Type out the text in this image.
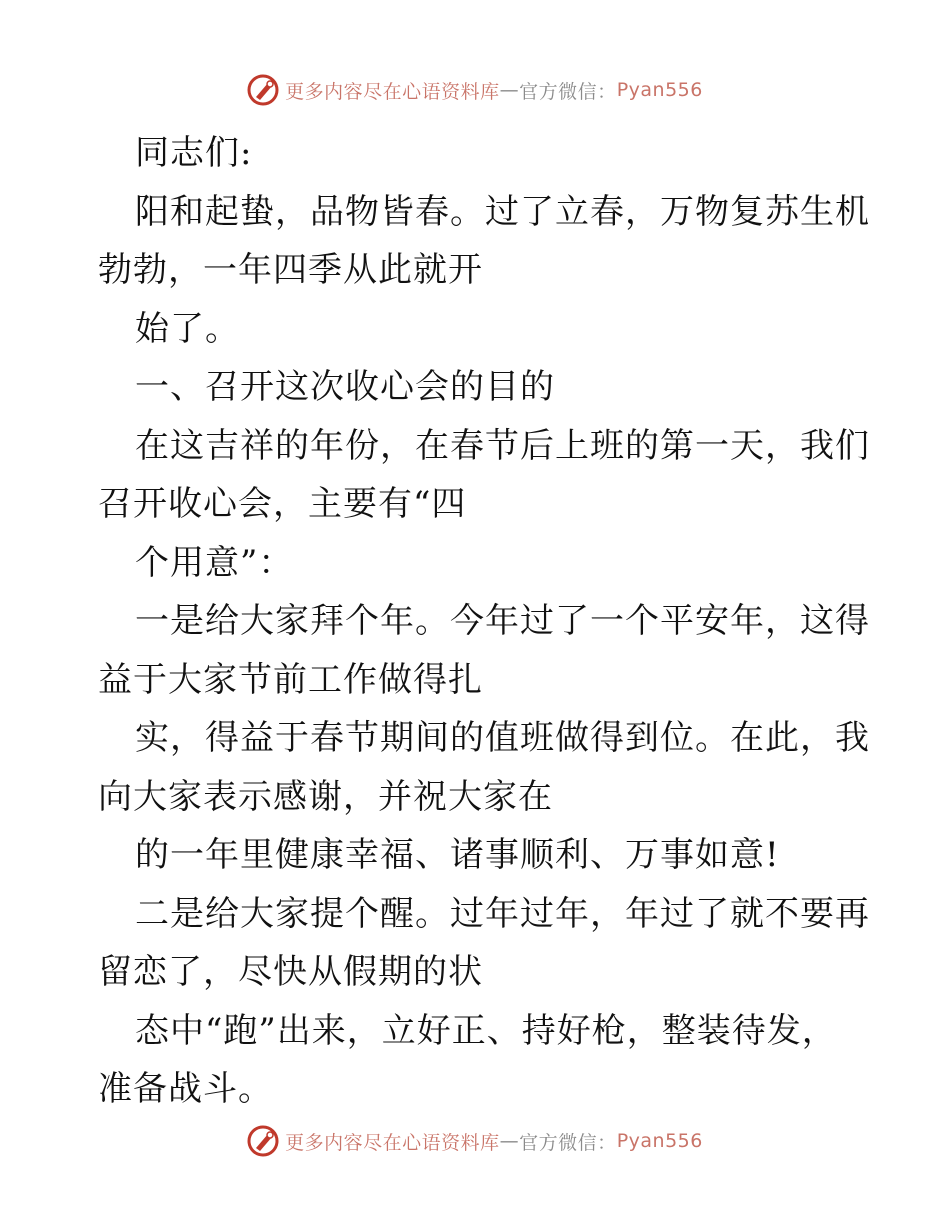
更多内容尽在心语资料库 — 官方微信： Pyan556
同志们:
阳和起蛰，品物皆春。过了立春，万物复苏生机
勃勃，一年四季从此就开
始了。
一、召开这次收心会的目的
在这吉祥的年份，在春节后上班的第一天，我们
召开收心会，主要有“四
个用意”：
一是给大家拜个年。今年过了一个平安年，这得
益于大家节前工作做得扎
实，得益于春节期间的值班做得到位。在此，我
向大家表示感谢，并祝大家在
的一年里健康幸福、诸事顺利、万事如意!
二是给大家提个醒。过年过年，年过了就不要再
留恋了，尽快从假期的状
态中“跑”出来，立好正、持好枪，整装待发，
准备战斗。
更多内容尽在心语资料库 — 官方微信： Pyan556
